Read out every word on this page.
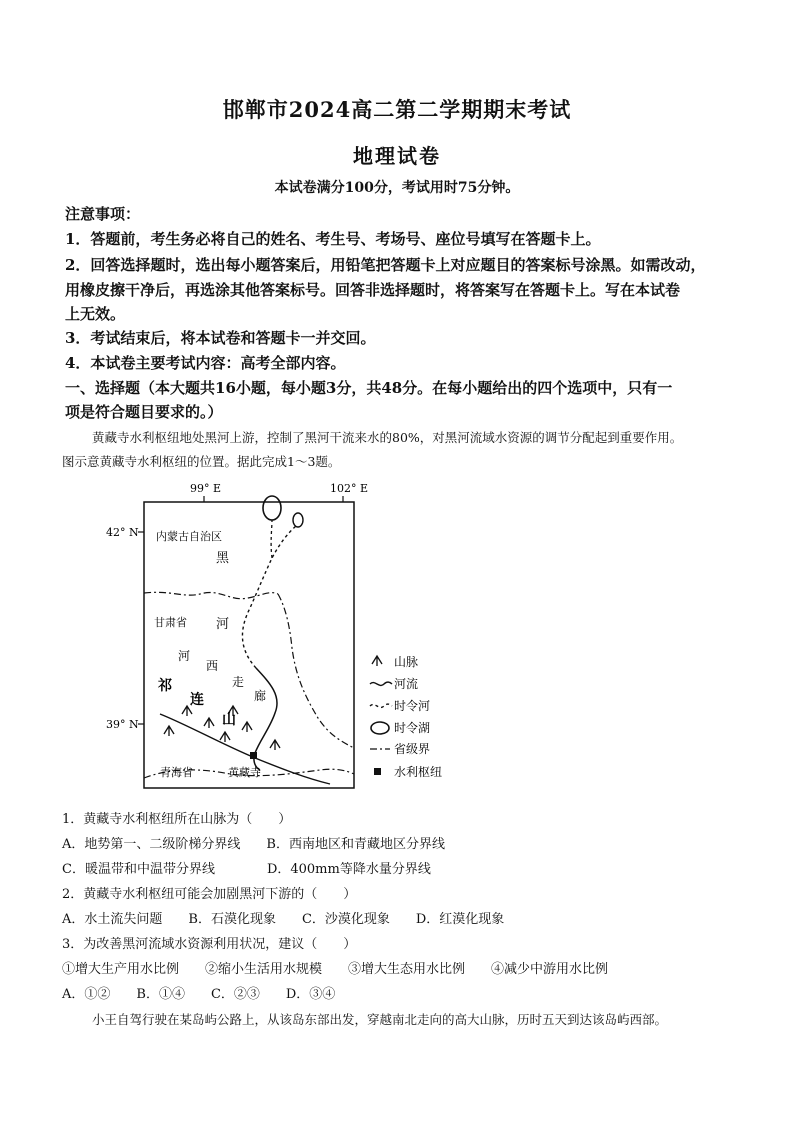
邯郸市2024高二第二学期期末考试
地理试卷
本试卷满分100分，考试用时75分钟。
注意事项：
1．答题前，考生务必将自己的姓名、考生号、考场号、座位号填写在答题卡上。
2．回答选择题时，选出每小题答案后，用铅笔把答题卡上对应题目的答案标号涂黑。如需改动，
用橡皮擦干净后，再选涂其他答案标号。回答非选择题时，将答案写在答题卡上。写在本试卷
上无效。
3．考试结束后，将本试卷和答题卡一并交回。
4．本试卷主要考试内容：高考全部内容。
一、选择题（本大题共16小题，每小题3分，共48分。在每小题给出的四个选项中，只有一
项是符合题目要求的。）
黄藏寺水利枢纽地处黑河上游，控制了黑河干流来水的80%，对黑河流域水资源的调节分配起到重要作用。
图示意黄藏寺水利枢纽的位置。据此完成1～3题。
99° E	102° E
42° N
39° N
内蒙古自治区
甘肃省
青海省	黄藏寺
黑
河
河
西
走
廊
祁
连
山
山脉
河流
时令河
时令湖
省级界
水利枢纽
1．黄藏寺水利枢纽所在山脉为（　　）
A．地势第一、二级阶梯分界线　　B．西南地区和青藏地区分界线
C．暖温带和中温带分界线　　　　D．400mm等降水量分界线
2．黄藏寺水利枢纽可能会加剧黑河下游的（　　）
A．水土流失问题　　B．石漠化现象　　C．沙漠化现象　　D．红漠化现象
3．为改善黑河流域水资源利用状况，建议（　　）
①增大生产用水比例　　②缩小生活用水规模　　③增大生态用水比例　　④减少中游用水比例
A．①②　　B．①④　　C．②③　　D．③④
小王自驾行驶在某岛屿公路上，从该岛东部出发，穿越南北走向的高大山脉，历时五天到达该岛屿西部。
